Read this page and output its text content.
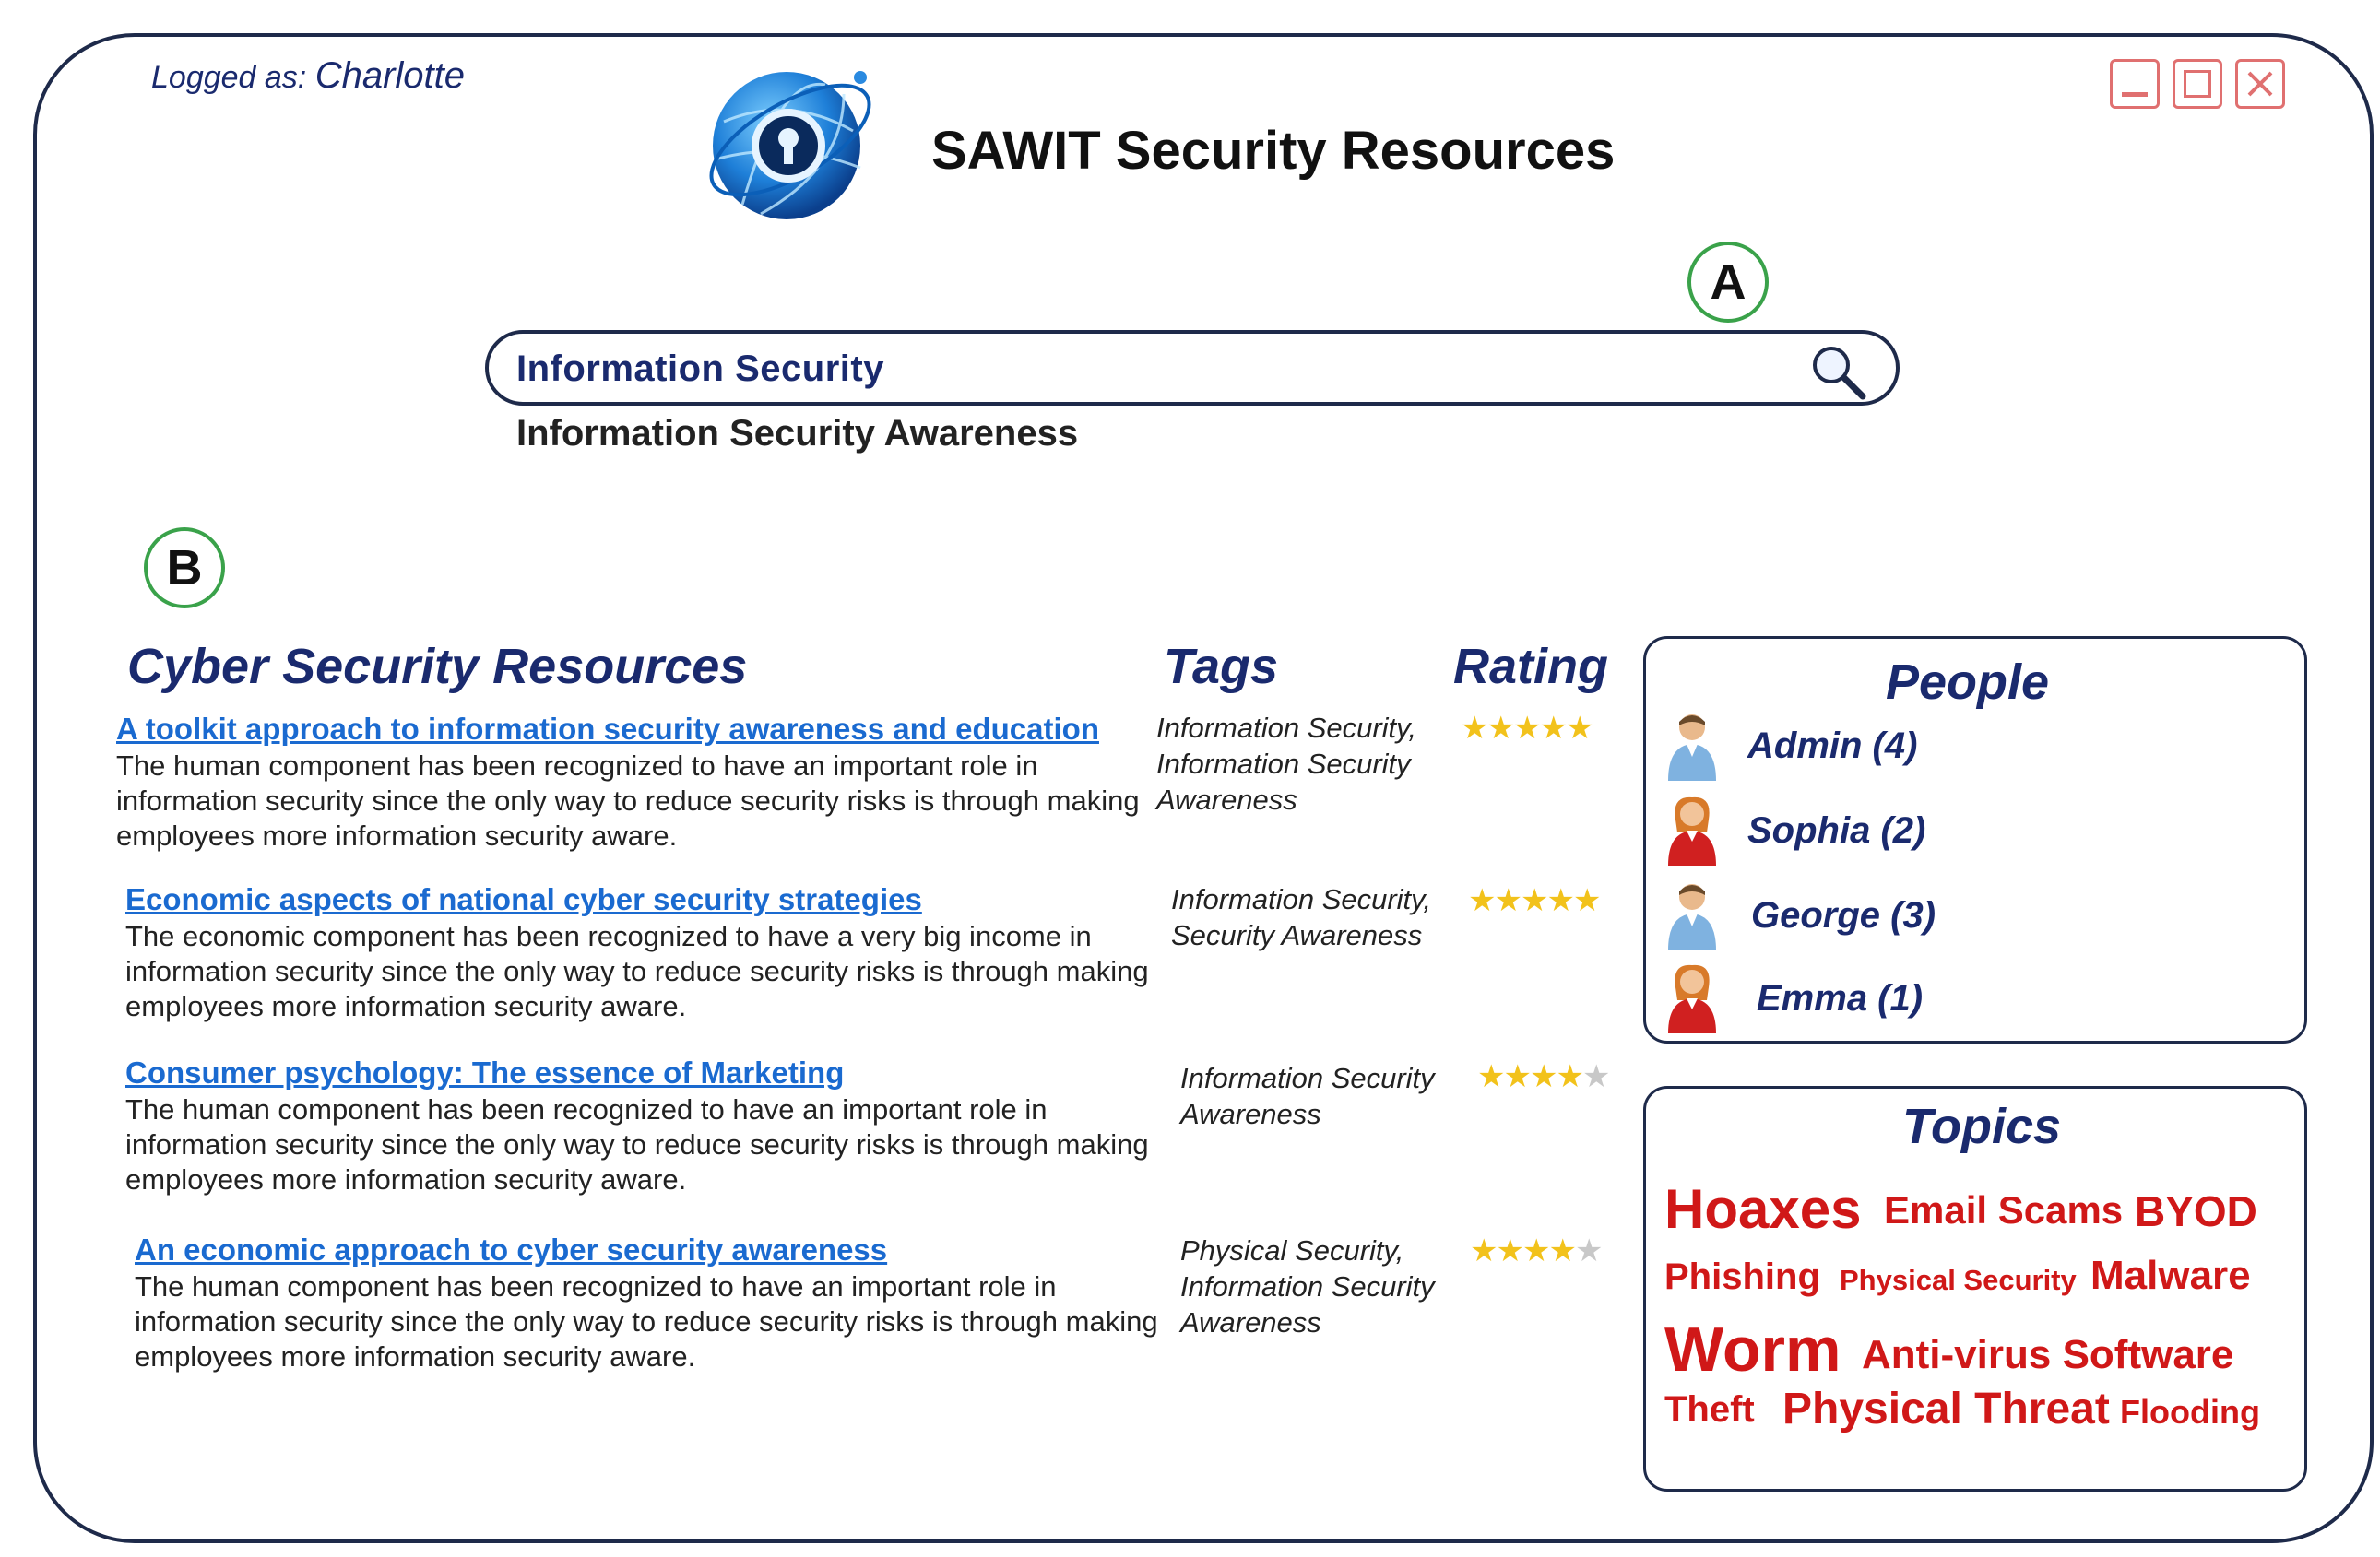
Logged as: Charlotte
SAWIT Security Resources
A
B
Information Security
Information Security Awareness
Cyber Security Resources	Tags	Rating
A toolkit approach to information security awareness and education
The human component has been recognized to have an important role in information security since the only way to reduce security risks is through making employees more information security aware.
Information Security, Information Security Awareness
★★★★★
Economic aspects of national cyber security strategies
The economic component has been recognized to have a very big income in information security since the only way to reduce security risks is through making employees more information security aware.
Information Security, Security Awareness
★★★★★
Consumer psychology: The essence of Marketing
The human component has been recognized to have an important role in information security since the only way to reduce security risks is through making employees more information security aware.
Information Security Awareness
★★★★★
An economic approach to cyber security awareness
The human component has been recognized to have an important role in information security since the only way to reduce security risks is through making employees more information security aware.
Physical Security, Information Security Awareness
★★★★★
People
Admin (4)
Sophia (2)
George (3)
Emma (1)
Topics
Hoaxes Email Scams BYOD
Phishing Physical Security Malware
Worm Anti-virus Software
Theft Physical Threat Flooding
